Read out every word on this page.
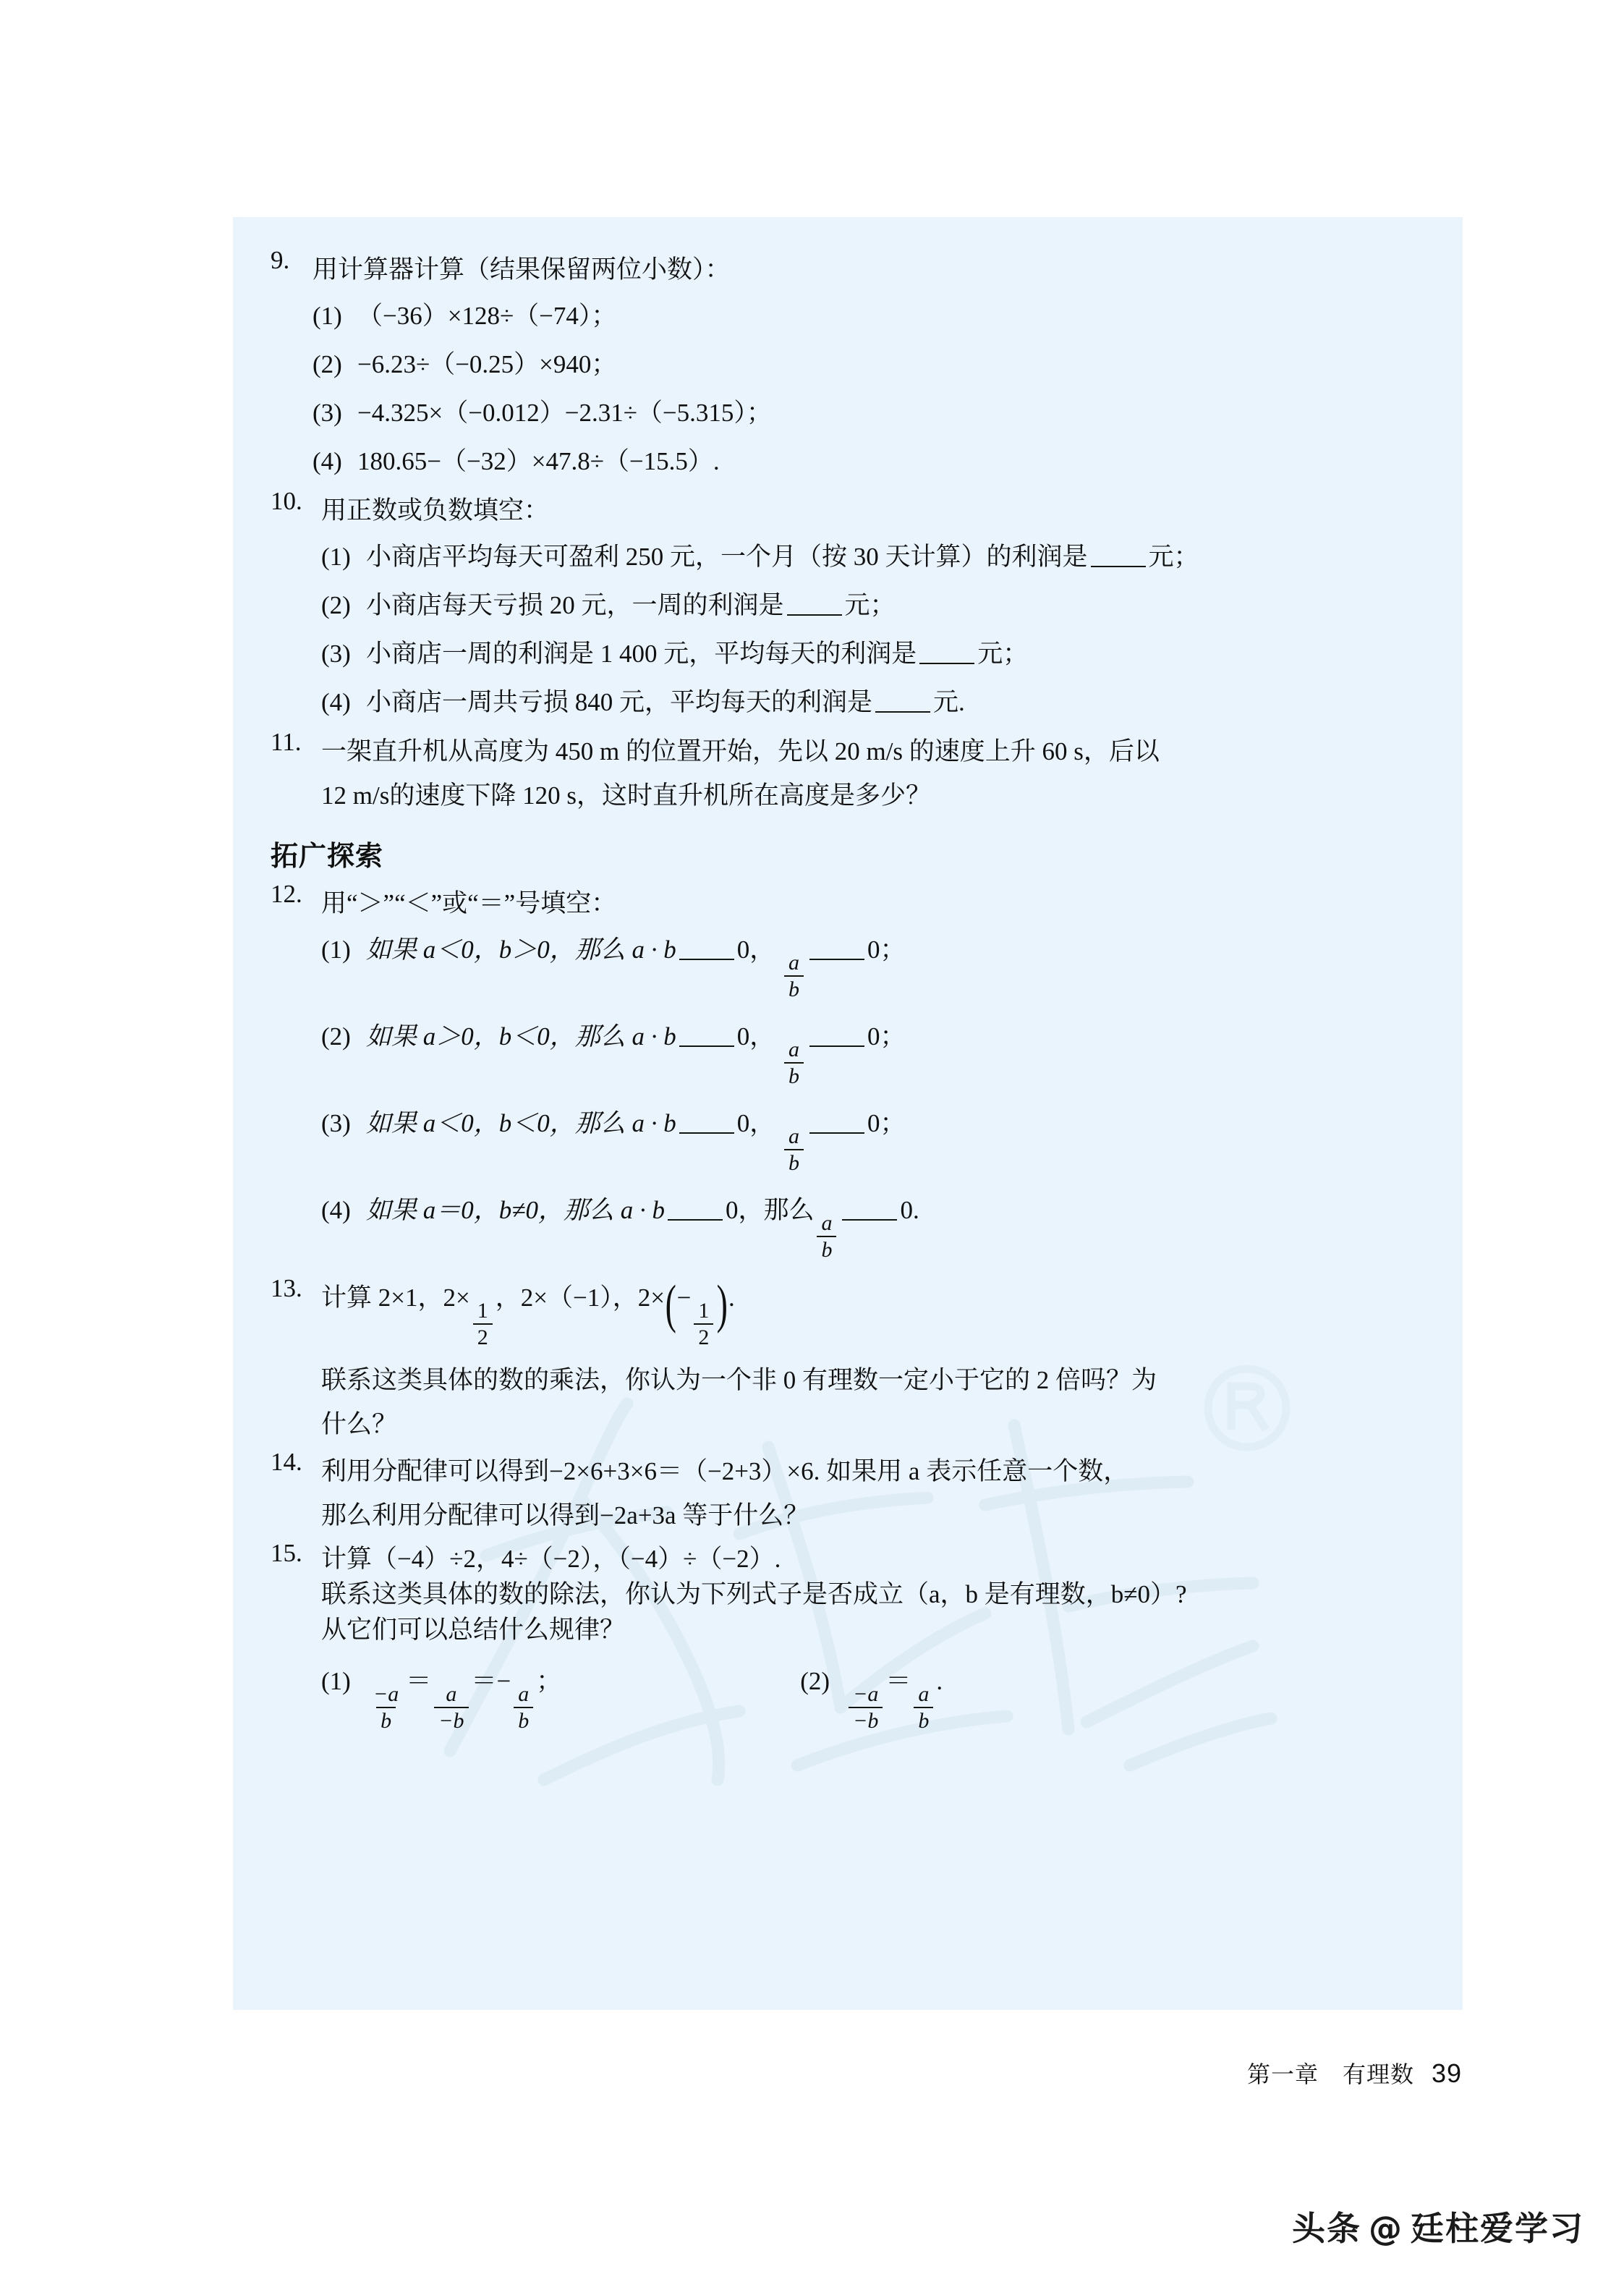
9. 用计算器计算（结果保留两位小数）：
(1) （−36）×128÷（−74）；
(2) −6.23÷（−0.25）×940；
(3) −4.325×（−0.012）−2.31÷（−5.315）；
(4) 180.65−（−32）×47.8÷（−15.5）.
10. 用正数或负数填空：
(1) 小商店平均每天可盈利 250 元，一个月（按 30 天计算）的利润是 元；
(2) 小商店每天亏损 20 元，一周的利润是 元；
(3) 小商店一周的利润是 1 400 元，平均每天的利润是 元；
(4) 小商店一周共亏损 840 元，平均每天的利润是 元.
11. 一架直升机从高度为 450 m 的位置开始，先以 20 m/s 的速度上升 60 s，后以
12 m/s的速度下降 120 s，这时直升机所在高度是多少？
拓广探索
12. 用“＞”“＜”或“＝”号填空：
(1) 如果 a＜0，b＞0，那么 a · b 0，
$\frac{a}{b}$
0；
(2) 如果 a＞0，b＜0，那么 a · b 0，
$\frac{a}{b}$
0；
(3) 如果 a＜0，b＜0，那么 a · b 0，
$\frac{a}{b}$
0；
(4) 如果 a＝0，b≠0，那么 a · b 0，那么
$\frac{a}{b}$
0.
13. 计算 2×1，2×
$\frac{1}{2}$
，2×（−1），2×(−
$\frac{1}{2}$ ).
联系这类具体的数的乘法，你认为一个非 0 有理数一定小于它的 2 倍吗？为
什么？
14. 利用分配律可以得到−2×6+3×6＝（−2+3）×6. 如果用 a 表示任意一个数，
那么利用分配律可以得到−2a+3a 等于什么？
15. 计算（−4）÷2，4÷（−2），（−4）÷（−2）.
联系这类具体的数的除法，你认为下列式子是否成立（a，b 是有理数，b≠0）?
从它们可以总结什么规律？
(1)
$\frac{-a}{b}$
＝
$\frac{a}{-b}$
＝−
$\frac{a}{b}$
；	(2)
$\frac{-a}{-b}$
＝
$\frac{a}{b}$
.
第一章　有理数 39
头条 @ 廷柱爱学习
